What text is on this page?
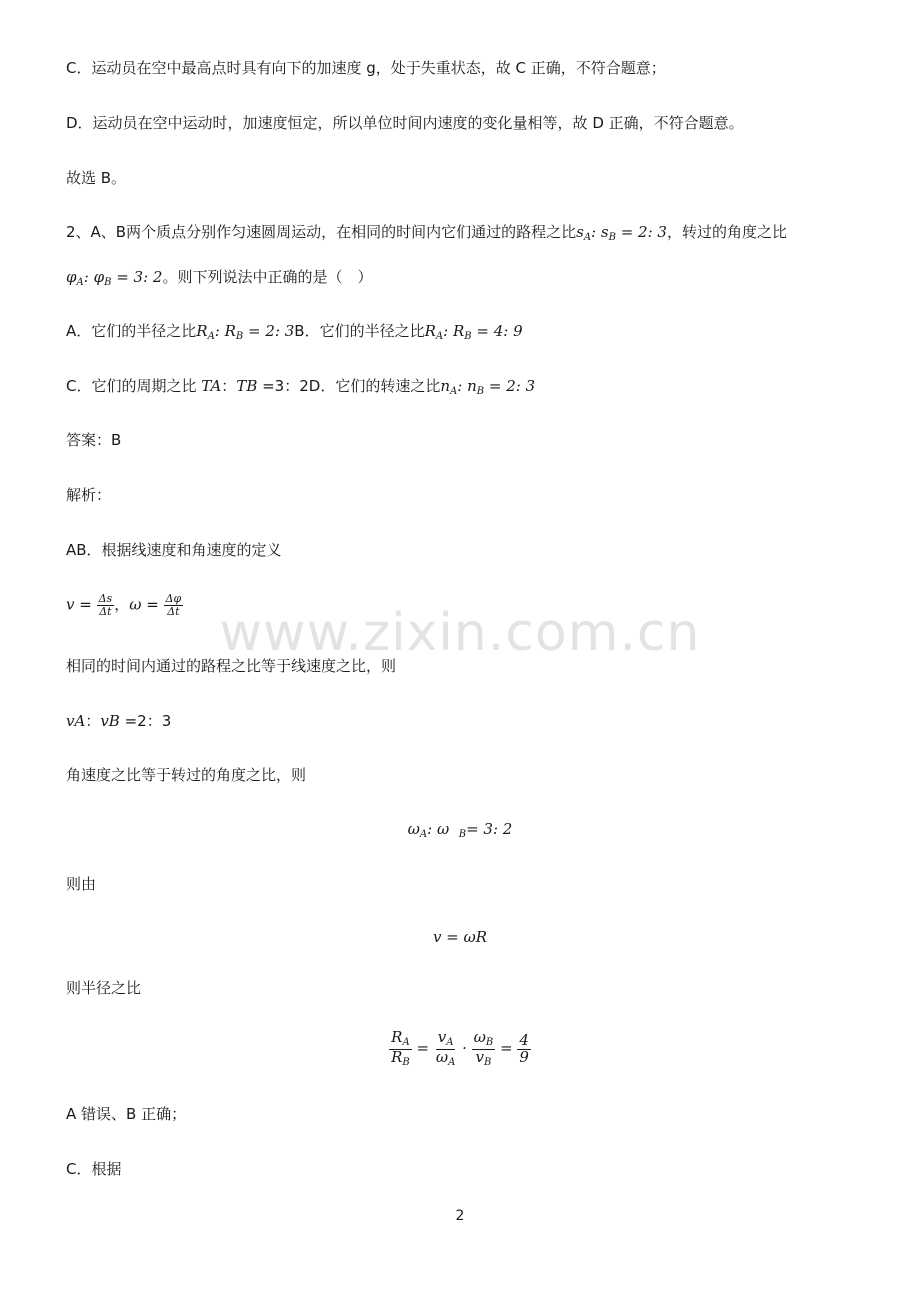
C．运动员在空中最高点时具有向下的加速度 g，处于失重状态，故 C 正确，不符合题意；
D．运动员在空中运动时，加速度恒定，所以单位时间内速度的变化量相等，故 D 正确，不符合题意。
故选 B。
2、A、B两个质点分别作匀速圆周运动，在相同的时间内它们通过的路程之比$s_A$: $s_B = 2$: 3，转过的角度之比
$\varphi_A$: $\varphi_B = 3$: 2。则下列说法中正确的是（　）
A．它们的半径之比$R_A$: $R_B = 2$: 3B．它们的半径之比$R_A$: $R_B = 4$: 9
C．它们的周期之比 TA：TB =3：2D．它们的转速之比$n_A$: $n_B = 2$: 3
答案：B
解析：
AB．根据线速度和角速度的定义
$v = \frac{\Delta s}{\Delta t}$ ，$\omega = \frac{\Delta\varphi}{\Delta t}$ www.zixin.com.cn
相同的时间内通过的路程之比等于线速度之比，则
vA：vB =2：3
角速度之比等于转过的角度之比，则
$\omega_A$: ω  $_B$= 3: 2
则由
v = ωR
则半径之比
$\frac{R_A}{R_B} = \frac{v_A}{\omega_A} \cdot \frac{\omega_B}{v_B} = \frac{4}{9}$
A 错误、B 正确；
C．根据
2
